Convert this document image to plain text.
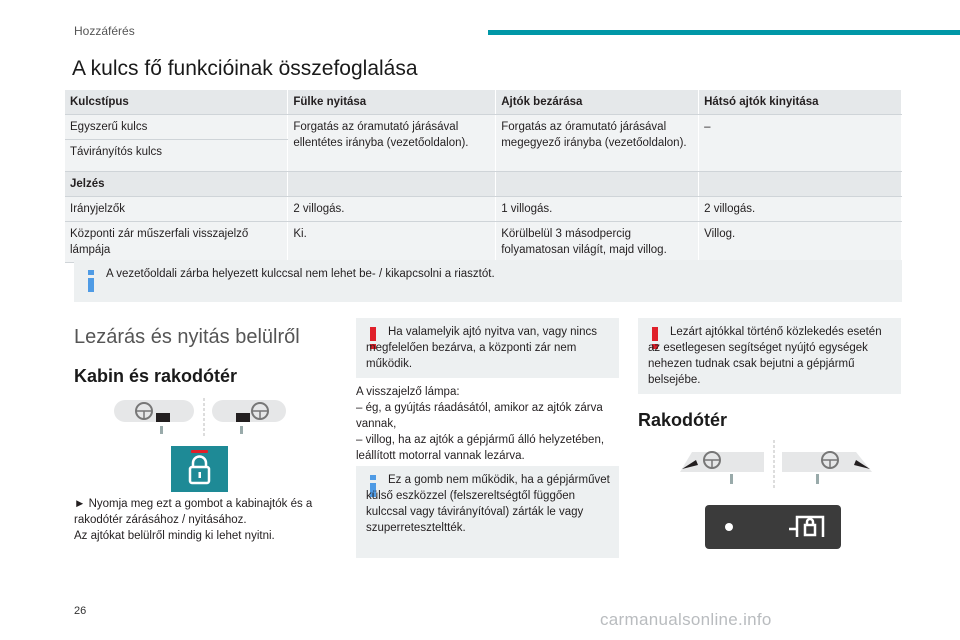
Hozzáférés
A kulcs fő funkcióinak összefoglalása
Kulcstípus	Fülke nyitása	Ajtók bezárása	Hátsó ajtók kinyitása
Egyszerű kulcs	Forgatás az óramutató járásával ellentétes irányba (vezetőoldalon).	Forgatás az óramutató járásával megegyező irányba (vezetőoldalon).	–
Távirányítós kulcs			
Jelzés			
Irányjelzők	2 villogás.	1 villogás.	2 villogás.
Központi zár műszerfali visszajelző lámpája	Ki.	Körülbelül 3 másodpercig folyamatosan világít, majd villog.	Villog.
A vezetőoldali zárba helyezett kulccsal nem lehet be- / kikapcsolni a riasztót.
Lezárás és nyitás belülről
Kabin és rakodótér
► Nyomja meg ezt a gombot a kabinajtók és a rakodótér zárásához / nyitásához.
Az ajtókat belülről mindig ki lehet nyitni.
Ha valamelyik ajtó nyitva van, vagy nincs megfelelően bezárva, a központi zár nem működik.
A visszajelző lámpa:
– ég, a gyújtás ráadásától, amikor az ajtók zárva vannak,
– villog, ha az ajtók a gépjármű álló helyzetében, leállított motorral vannak lezárva.
Ez a gomb nem működik, ha a gépjárművet külső eszközzel (felszereltségtől függően kulccsal vagy távirányítóval) zárták le vagy szuperreteszteltték.
Lezárt ajtókkal történő közlekedés esetén az esetlegesen segítséget nyújtó egységek nehezen tudnak csak bejutni a gépjármű belsejébe.
Rakodótér
26	carmanualsonline.info
